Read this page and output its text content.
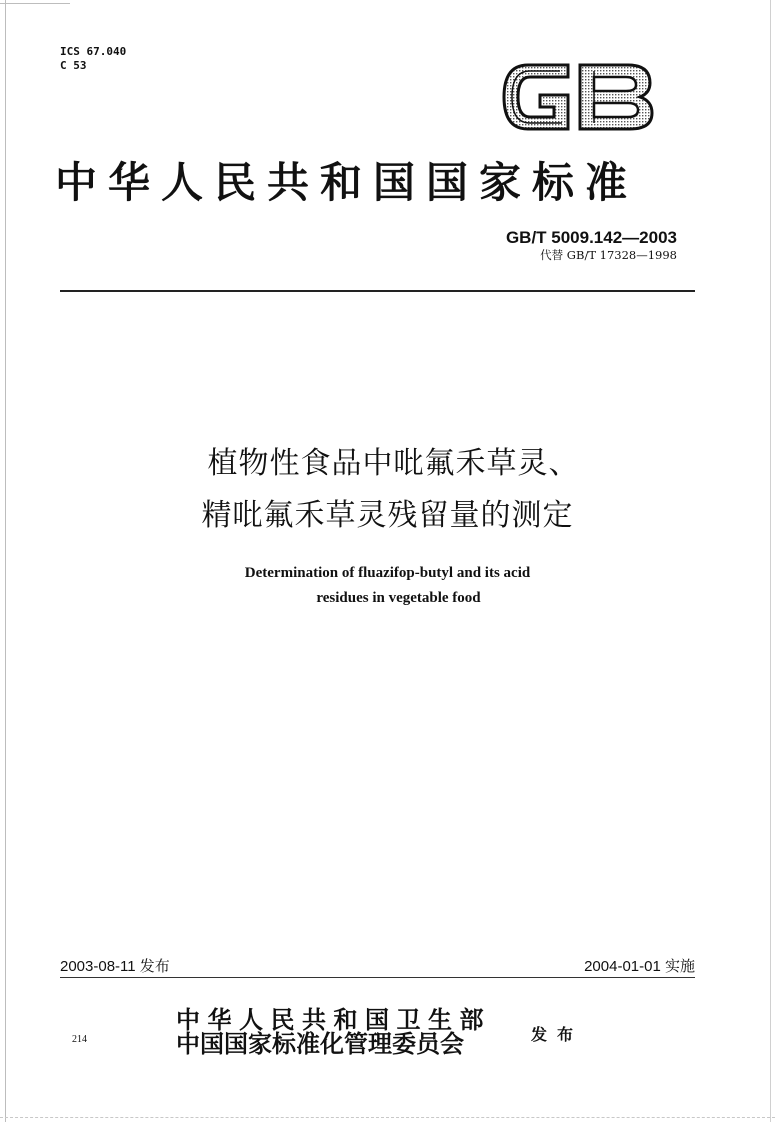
ICS 67.040
C 53
中华人民共和国国家标准
GB/T 5009.142—2003
代替 GB/T 17328—1998
植物性食品中吡氟禾草灵、
精吡氟禾草灵残留量的测定
Determination of fluazifop-butyl and its acid
residues in vegetable food
2003-08-11 发布	2004-01-01 实施
中华人民共和国卫生部
中国国家标准化管理委员会	发布
214
